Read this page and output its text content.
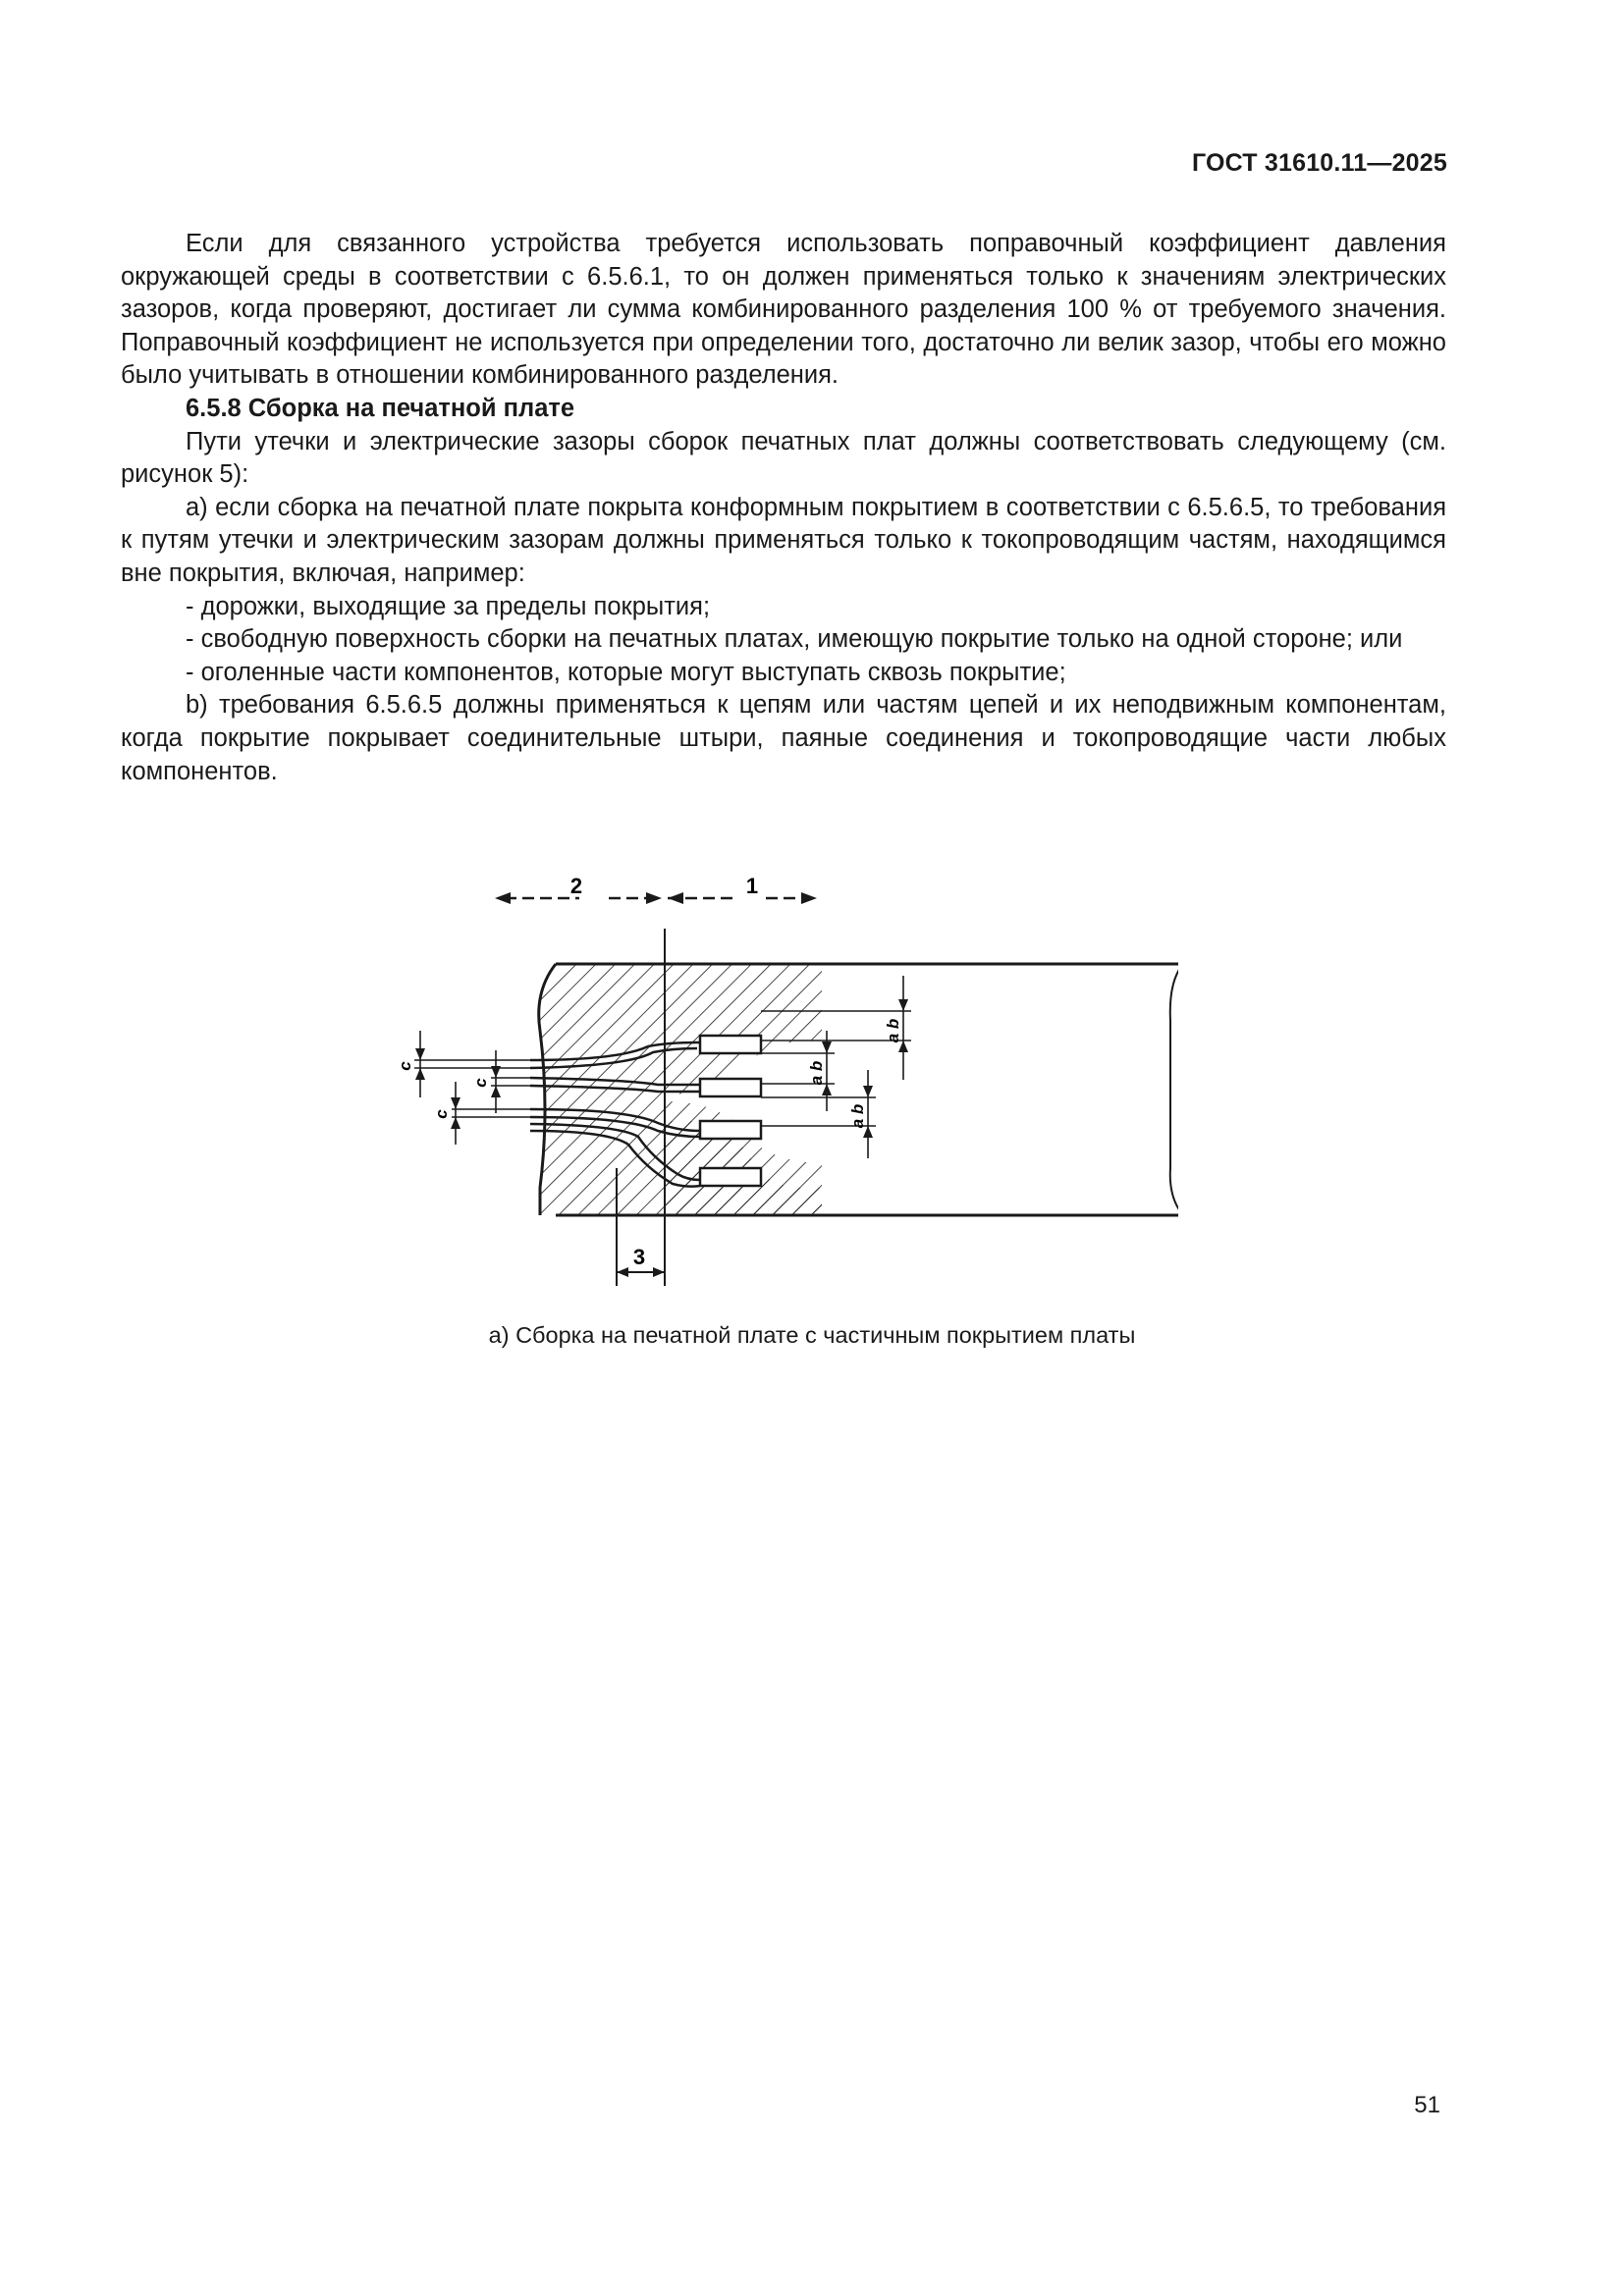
ГОСТ 31610.11—2025

Если для связанного устройства требуется использовать поправочный коэффициент давления окружающей среды в соответствии с 6.5.6.1, то он должен применяться только к значениям электрических зазоров, когда проверяют, достигает ли сумма комбинированного разделения 100 % от требуемого значения. Поправочный коэффициент не используется при определении того, достаточно ли велик зазор, чтобы его можно было учитывать в отношении комбинированного разделения.

6.5.8 Сборка на печатной плате

Пути утечки и электрические зазоры сборок печатных плат должны соответствовать следующему (см. рисунок 5):

a) если сборка на печатной плате покрыта конформным покрытием в соответствии с 6.5.6.5, то требования к путям утечки и электрическим зазорам должны применяться только к токопроводящим частям, находящимся вне покрытия, включая, например:

- дорожки, выходящие за пределы покрытия;

- свободную поверхность сборки на печатных платах, имеющую покрытие только на одной стороне; или

- оголенные части компонентов, которые могут выступать сквозь покрытие;

b) требования 6.5.6.5 должны применяться к цепям или частям цепей и их неподвижным компонентам, когда покрытие покрывает соединительные штыри, паяные соединения и токопроводящие части любых компонентов.

2	1
3
a b
a b
a b
c
c
c
а) Сборка на печатной плате с частичным покрытием платы
51
